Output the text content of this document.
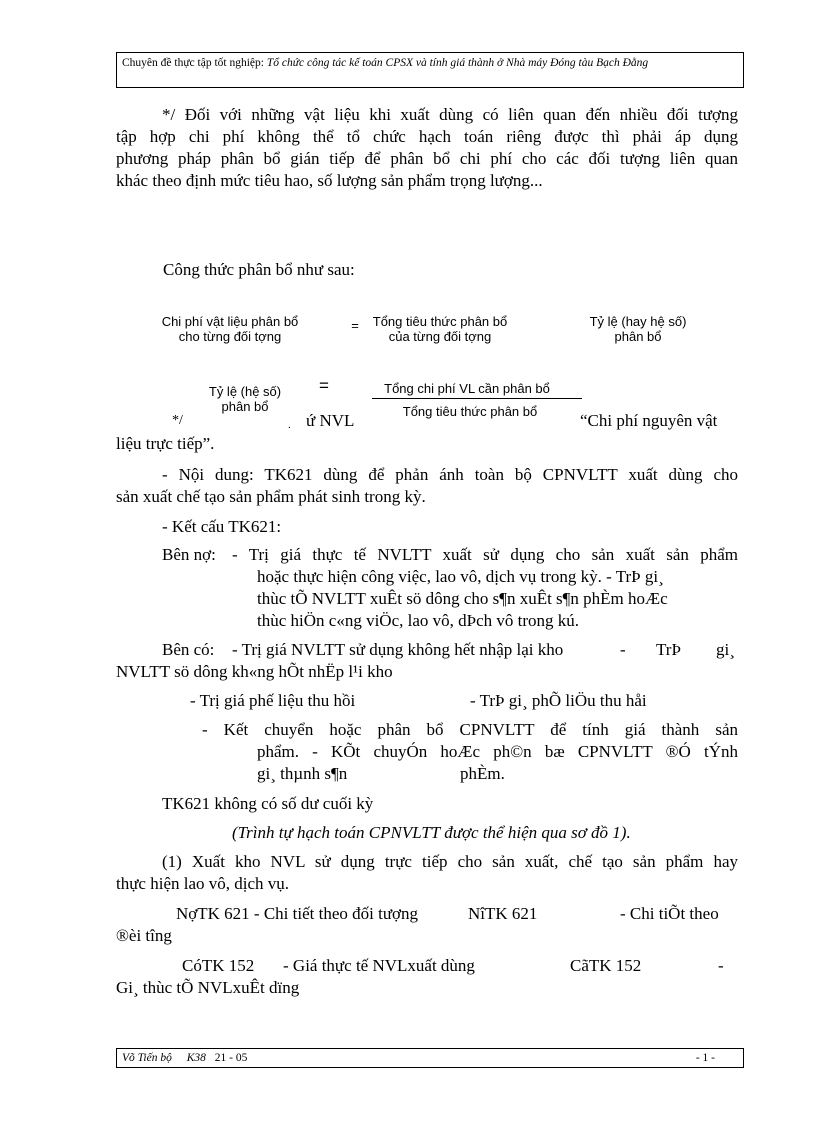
Chuyên đề thực tập tốt nghiệp: Tổ chức công tác kế toán CPSX và tính giá thành ở Nhà máy Đóng tàu Bạch Đằng
*/ Đối với những vật liệu khi xuất dùng có liên quan đến nhiều đối tượng
tập hợp chi phí không thể tổ chức hạch toán riêng được thì phải áp dụng
phương pháp phân bổ gián tiếp để phân bổ chi phí cho các đối tượng liên quan
khác theo định mức tiêu hao, số lượng sản phẩm trọng lượng...
Công thức phân bổ như sau:
Chi phí vật liệu phân bổ
cho từng đối tợng
=	Tổng tiêu thức phân bổ
của từng đối tợng
Tỷ lệ (hay hệ số)
phân bổ
Tỷ lệ (hệ số)
phân bổ
=	Tổng chi phí VL cần phân bổ
Tổng tiêu thức phân bổ
*/	. ứ NVL	“Chi phí nguyên vật
liệu trực tiếp”.
- Nội dung: TK621 dùng để phản ánh toàn bộ CPNVLTT xuất dùng cho
sản xuất chế tạo sản phẩm phát sinh trong kỳ.
- Kết cấu TK621:
Bên nợ: - Trị giá thực tế NVLTT xuất sử dụng cho sản xuất sản phẩm
hoặc thực hiện công việc, lao vô, dịch vụ trong kỳ. - TrÞ gi¸
thùc tÕ NVLTT xuÊt sö dông cho s¶n xuÊt s¶n phÈm hoÆc
thùc hiÖn c«ng viÖc, lao vô, dÞch vô trong kú.
Bên có: - Trị giá NVLTT sử dụng không hết nhập lại kho	- TrÞ gi¸
NVLTT sö dông kh«ng hÕt nhËp l¹i kho
- Trị giá phế liệu thu hồi	- TrÞ gi¸ phÕ liÖu thu håi
- Kết chuyển hoặc phân bổ CPNVLTT để tính giá thành sản
phẩm. - KÕt chuyÓn hoÆc ph©n bæ CPNVLTT ®Ó tÝnh
gi¸ thµnh s¶n	phÈm.
TK621 không có số dư cuối kỳ
(Trình tự hạch toán CPNVLTT được thể hiện qua sơ đồ 1).
(1) Xuất kho NVL sử dụng trực tiếp cho sản xuất, chế tạo sản phẩm hay
thực hiện lao vô, dịch vụ.
NợTK 621 - Chi tiết theo đối tượng	NîTK 621	- Chi tiÕt theo
®èi tîng
CóTK 152 - Giá thực tế NVLxuất dùng	CãTK 152	-
Gi¸ thùc tÕ NVLxuÊt dïng
Võ Tiến bộ K38 21 - 05	- 1 -
